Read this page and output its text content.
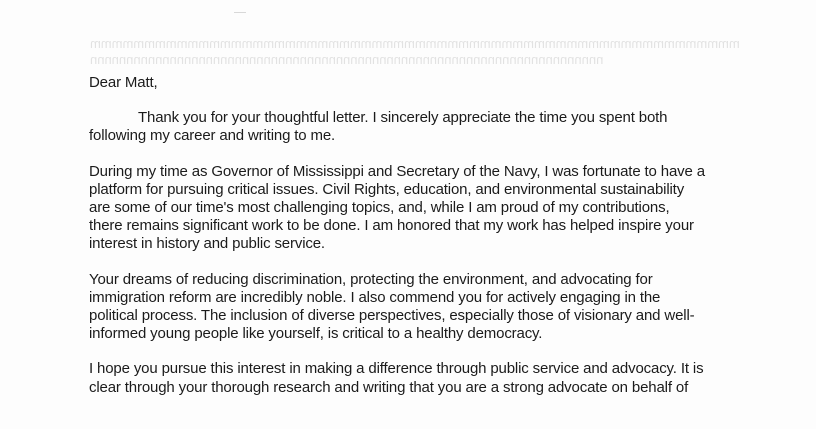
mmmmmmmmmmmmmmmmmmmmmmmmmmmmmmmmmmmmmmmmmmmmmmmmmmmmmmmmmmmm
nnnnnnnnnnnnnnnnnnnnnnnnnnnnnnnnnnnnnnnnnnnnnnnnnnnnnnnnnnnnnnnnnnnnnnn
Dear Matt,
Thank you for your thoughtful letter. I sincerely appreciate the time you spent both
following my career and writing to me.
During my time as Governor of Mississippi and Secretary of the Navy, I was fortunate to have a
platform for pursuing critical issues. Civil Rights, education, and environmental sustainability
are some of our time's most challenging topics, and, while I am proud of my contributions,
there remains significant work to be done. I am honored that my work has helped inspire your
interest in history and public service.
Your dreams of reducing discrimination, protecting the environment, and advocating for
immigration reform are incredibly noble. I also commend you for actively engaging in the
political process. The inclusion of diverse perspectives, especially those of visionary and well-
informed young people like yourself, is critical to a healthy democracy.
I hope you pursue this interest in making a difference through public service and advocacy. It is
clear through your thorough research and writing that you are a strong advocate on behalf of
